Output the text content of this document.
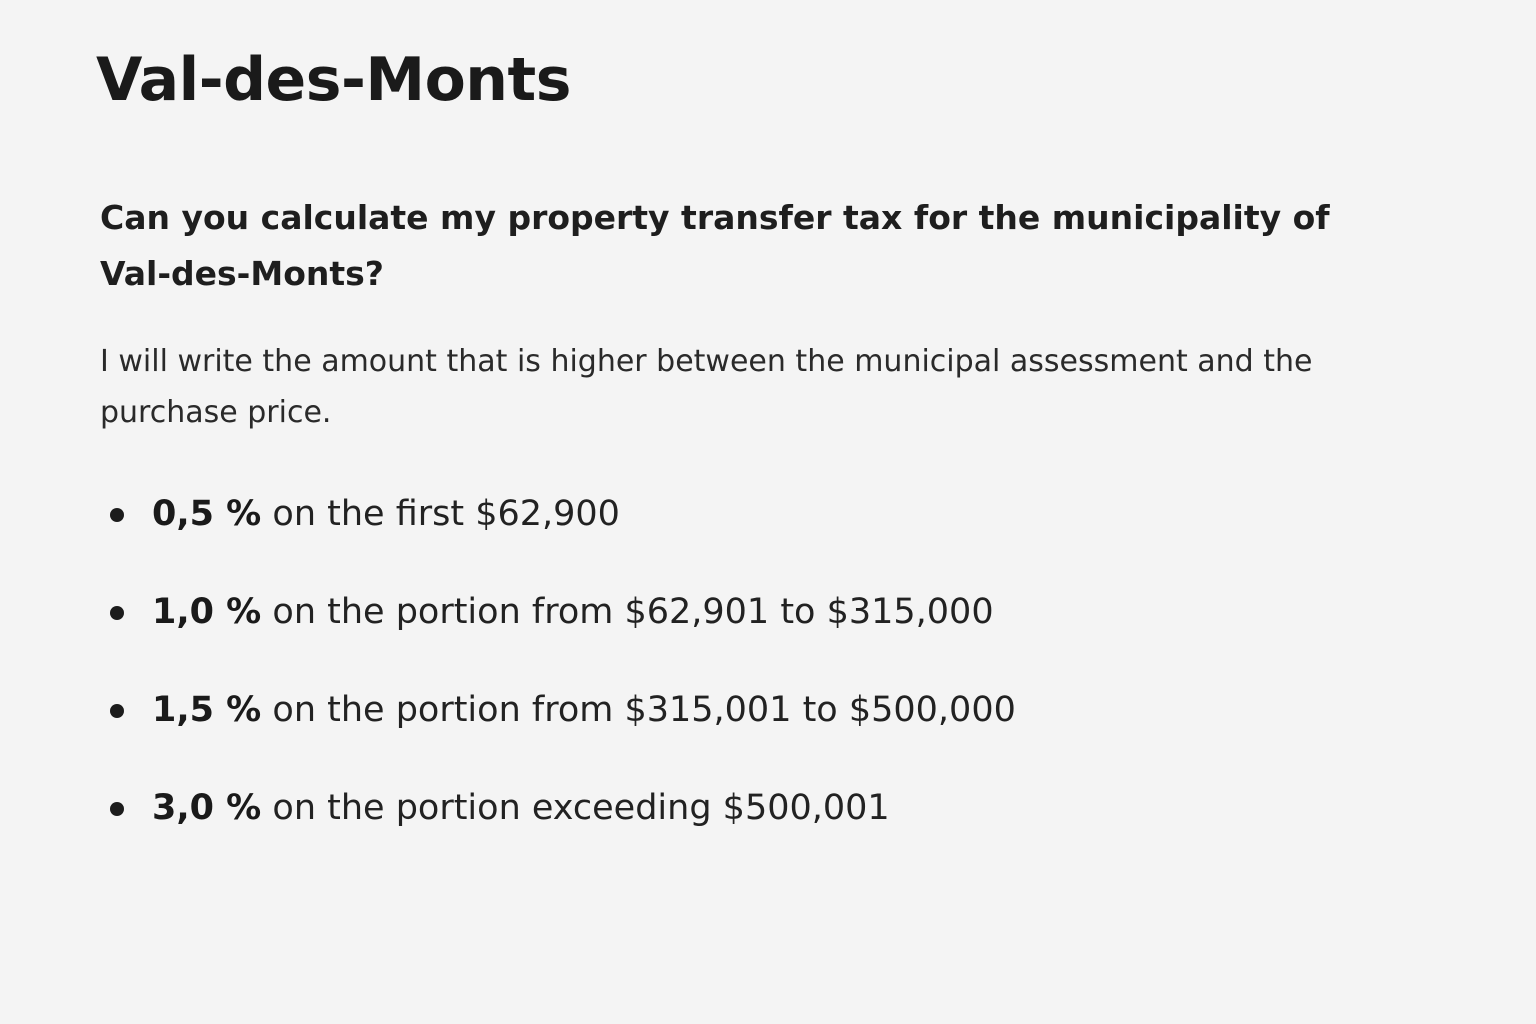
Val-des-Monts

Can you calculate my property transfer tax for the municipality of Val-des-Monts?

I will write the amount that is higher between the municipal assessment and the purchase price.

0,5 % on the first $62,900
1,0 % on the portion from $62,901 to $315,000
1,5 % on the portion from $315,001 to $500,000
3,0 % on the portion exceeding $500,001
